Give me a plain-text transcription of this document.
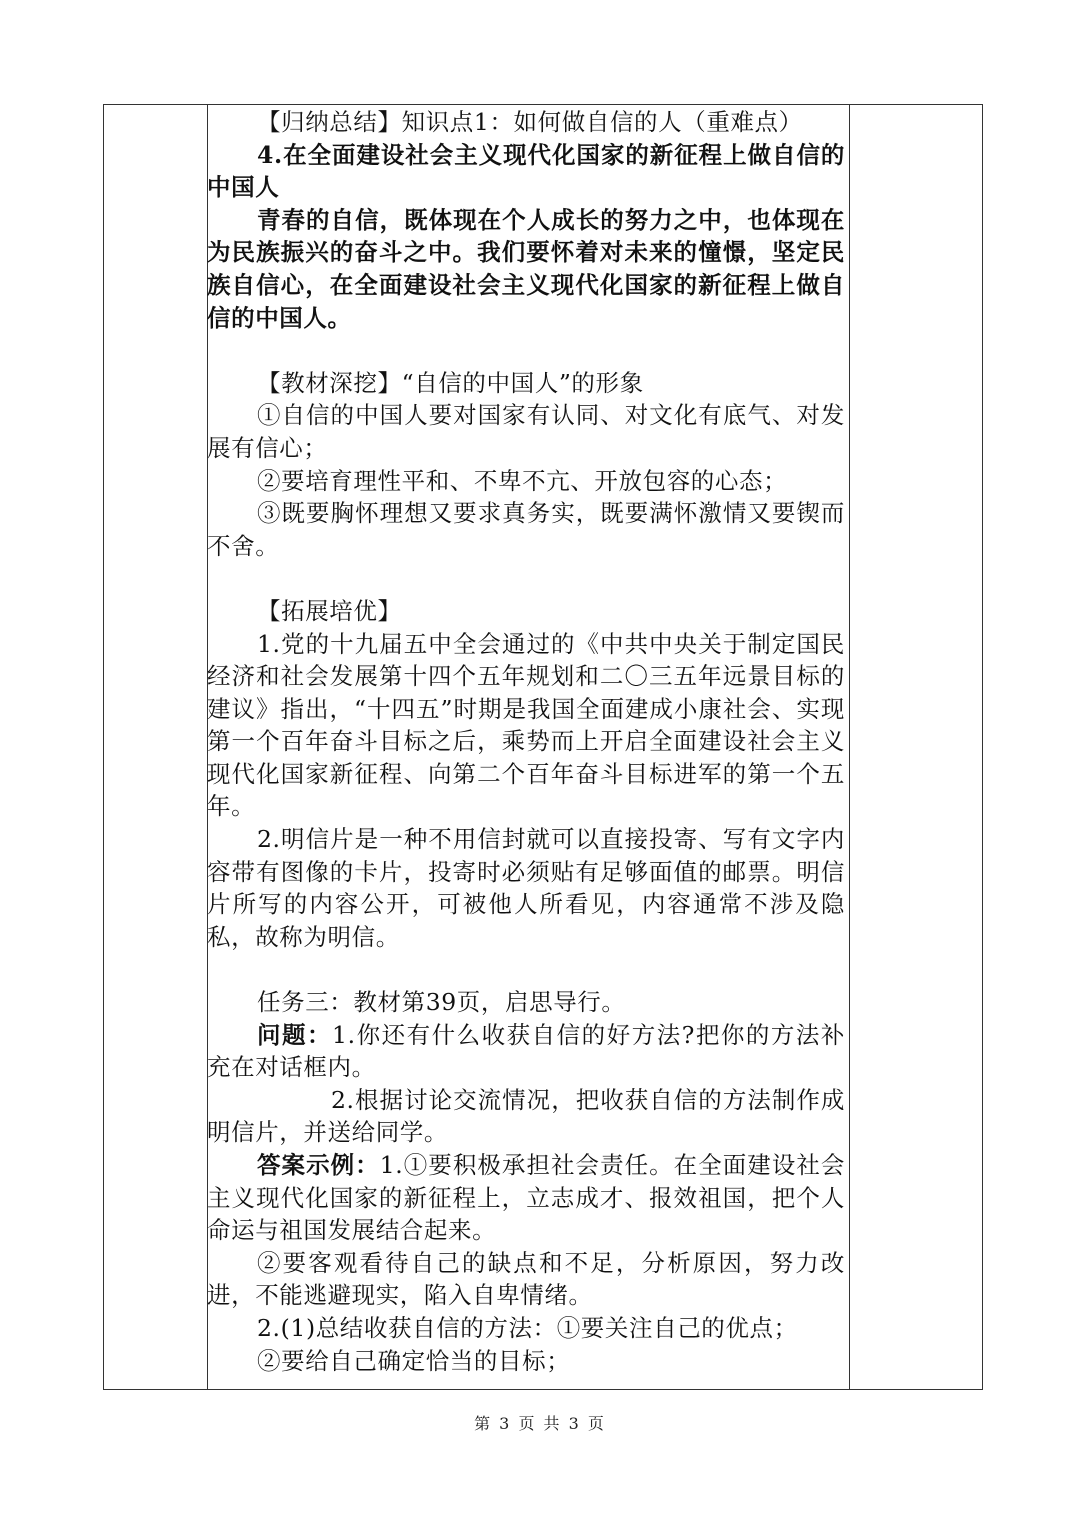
【归纳总结】知识点1：如何做自信的人（重难点）

4.在全面建设社会主义现代化国家的新征程上做自信的中国人

青春的自信，既体现在个人成长的努力之中，也体现在为民族振兴的奋斗之中。我们要怀着对未来的憧憬，坚定民族自信心，在全面建设社会主义现代化国家的新征程上做自信的中国人。

【教材深挖】“自信的中国人”的形象

①自信的中国人要对国家有认同、对文化有底气、对发展有信心；

②要培育理性平和、不卑不亢、开放包容的心态；

③既要胸怀理想又要求真务实，既要满怀激情又要锲而不舍。

【拓展培优】

1.党的十九届五中全会通过的《中共中央关于制定国民经济和社会发展第十四个五年规划和二〇三五年远景目标的建议》指出，“十四五”时期是我国全面建成小康社会、实现第一个百年奋斗目标之后，乘势而上开启全面建设社会主义现代化国家新征程、向第二个百年奋斗目标进军的第一个五年。

2.明信片是一种不用信封就可以直接投寄、写有文字内容带有图像的卡片，投寄时必须贴有足够面值的邮票。明信片所写的内容公开，可被他人所看见，内容通常不涉及隐私，故称为明信。

任务三：教材第39页，启思导行。

问题：1.你还有什么收获自信的好方法?把你的方法补充在对话框内。

2.根据讨论交流情况，把收获自信的方法制作成明信片，并送给同学。

答案示例：1.①要积极承担社会责任。在全面建设社会主义现代化国家的新征程上，立志成才、报效祖国，把个人命运与祖国发展结合起来。

②要客观看待自己的缺点和不足，分析原因，努力改进，不能逃避现实，陷入自卑情绪。

2.(1)总结收获自信的方法：①要关注自己的优点；

②要给自己确定恰当的目标；

第 3 页 共 3 页
